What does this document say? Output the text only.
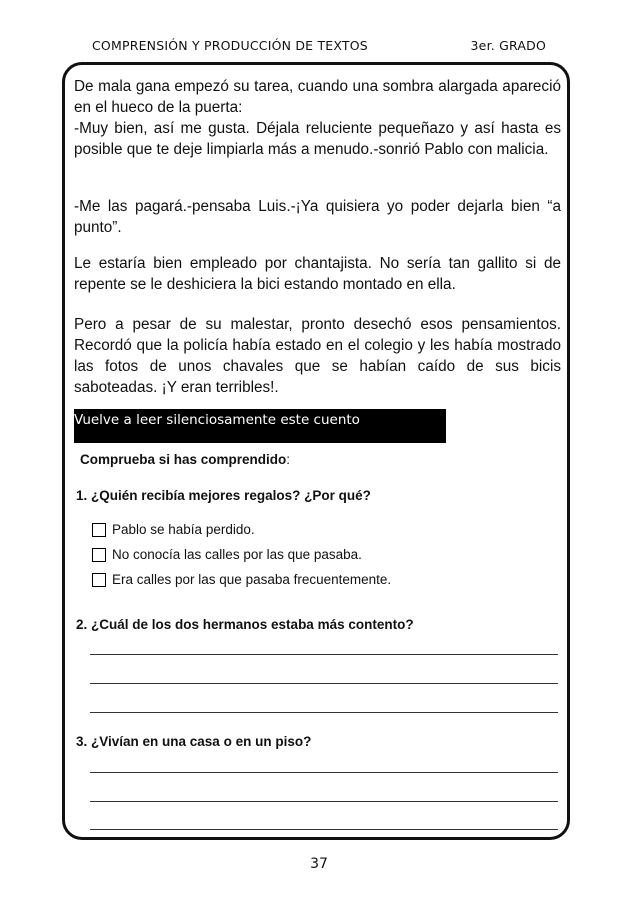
COMPRENSIÓN Y PRODUCCIÓN DE TEXTOS	3er. GRADO

De mala gana empezó su tarea, cuando una sombra alargada apareció en el hueco de la puerta:

-Muy bien, así me gusta. Déjala reluciente pequeñazo y así hasta es posible que te deje limpiarla más a menudo.-sonrió Pablo con malicia.

-Me las pagará.-pensaba Luis.-¡Ya quisiera yo poder dejarla bien “a punto”.

Le estaría bien empleado por chantajista. No sería tan gallito si de repente se le deshiciera la bici estando montado en ella.

Pero a pesar de su malestar, pronto desechó esos pensamientos. Recordó que la policía había estado en el colegio y les había mostrado las fotos de unos chavales que se habían caído de sus bicis saboteadas. ¡Y eran terribles!.

Vuelve a leer silenciosamente este cuento
Comprueba si has comprendido:
1. ¿Quién recibía mejores regalos? ¿Por qué?
Pablo se había perdido.
No conocía las calles por las que pasaba.
Era calles por las que pasaba frecuentemente.
2. ¿Cuál de los dos hermanos estaba más contento?
3. ¿Vivían en una casa o en un piso?
37
